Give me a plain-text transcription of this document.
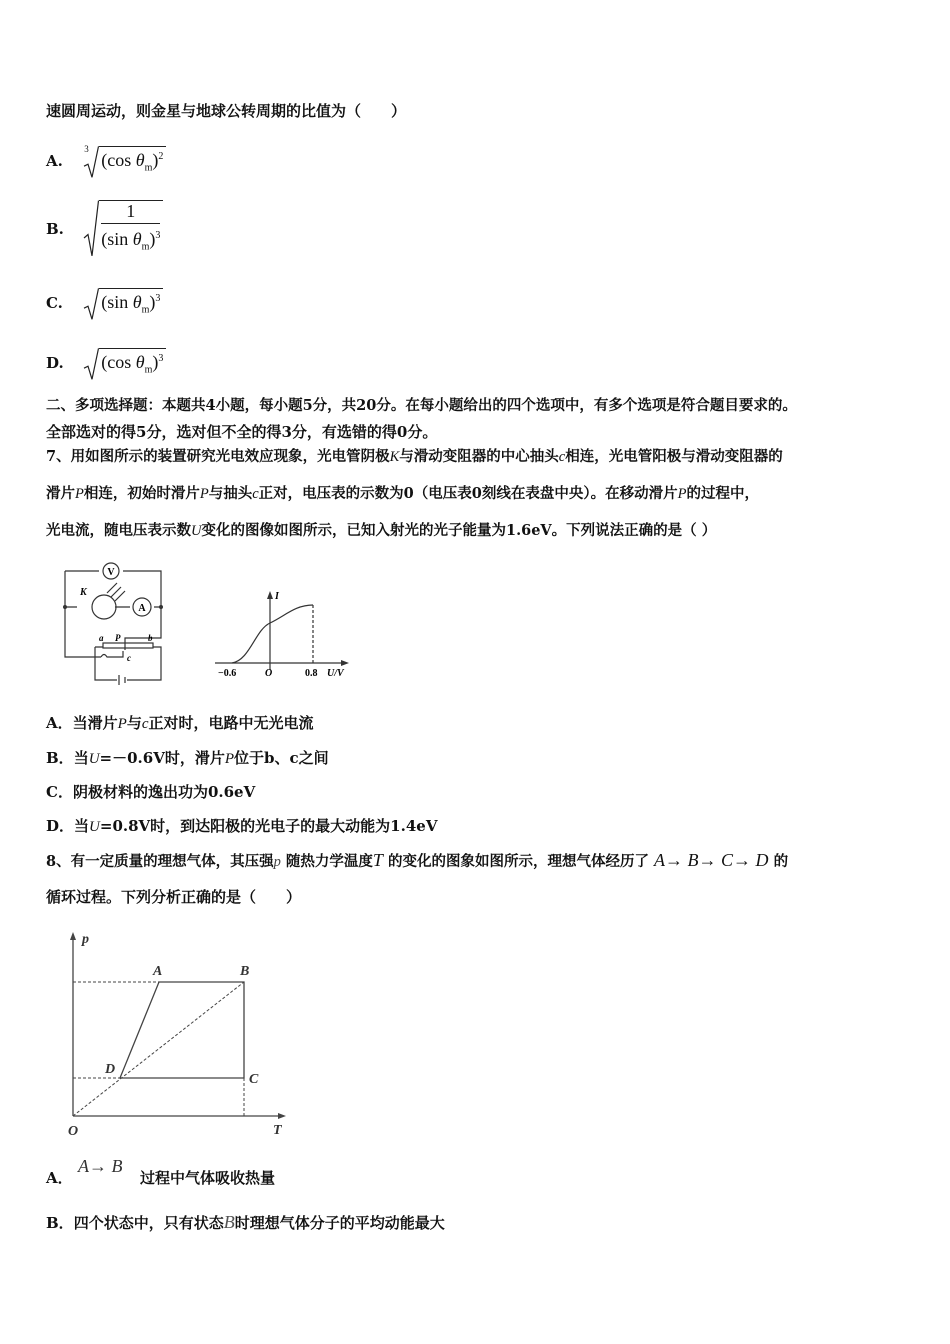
速圆周运动，则金星与地球公转周期的比值为（　　）
A.
3
(cos $\theta_m)^2$
B. $\frac{1}{(\sin \theta_m)^3}$
C. (sin $\theta_m)^3$
D. (cos $\theta_m)^3$
二、多项选择题：本题共4小题，每小题5分，共20分。在每小题给出的四个选项中，有多个选项是符合题目要求的。
全部选对的得5分，选对但不全的得3分，有选错的得0分。
7、用如图所示的装置研究光电效应现象，光电管阴极K与滑动变阻器的中心抽头c相连，光电管阳极与滑动变阻器的
滑片P相连，初始时滑片P与抽头c正对，电压表的示数为0（电压表0刻线在表盘中央）。在移动滑片P的过程中，
光电流，随电压表示数U变化的图像如图所示，已知入射光的光子能量为1.6eV。下列说法正确的是（ ）
V
A
K
a P	b
c
I
U/V
O
−0.6	0.8
A．当滑片P与c正对时，电路中无光电流
B．当U=－0.6V时，滑片P位于b、c之间
C．阴极材料的逸出功为0.6eV
D．当U=0.8V时，到达阳极的光电子的最大动能为1.4eV
8、有一定质量的理想气体，其压强p 随热力学温度T 的变化的图象如图所示，理想气体经历了 A→ B→ C→ D 的
循环过程。下列分析正确的是（　　）
p
T
O
A	B
C
D
A．
A→ B
过程中气体吸收热量
B．四个状态中，只有状态B时理想气体分子的平均动能最大
